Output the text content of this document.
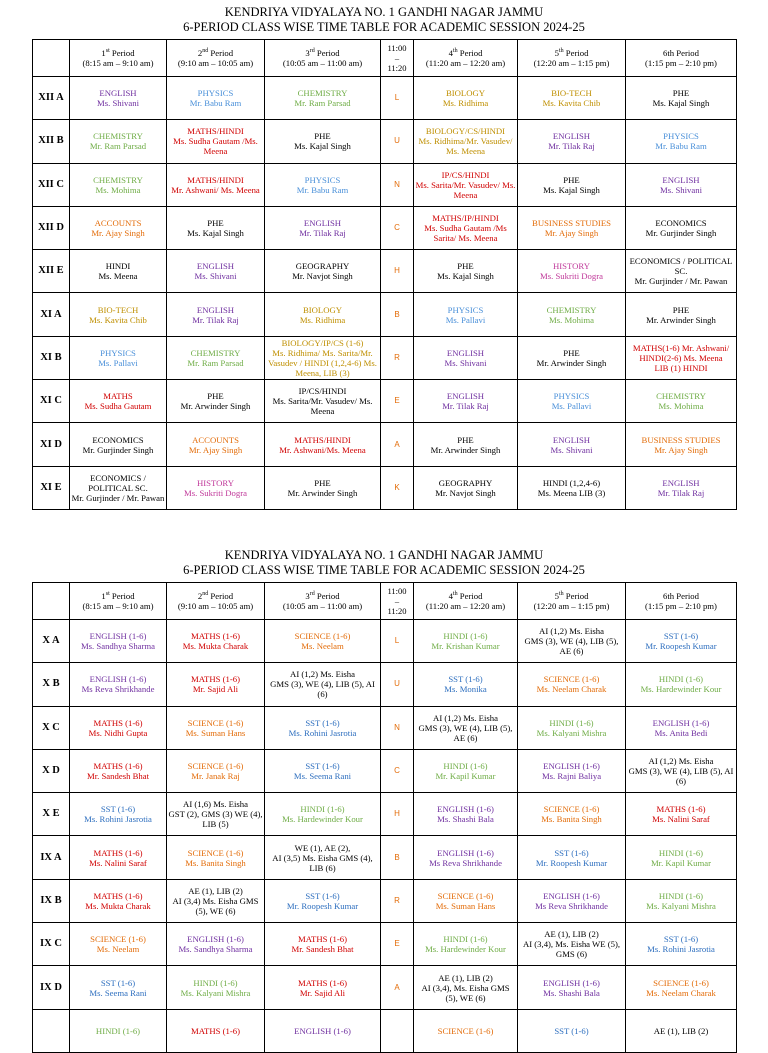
KENDRIYA VIDYALAYA NO. 1 GANDHI NAGAR JAMMU
6-PERIOD CLASS WISE TIME TABLE FOR ACADEMIC SESSION 2024-25

	1st Period
(8:15 am – 9:10 am)	2nd Period
(9:10 am – 10:05 am)	3rd Period
(10:05 am – 11:00 am)	11:00
–
11:20	4th Period
(11:20 am – 12:20 am)	5th Period
(12:20 am – 1:15 pm)	6th Period
(1:15 pm – 2:10 pm)

XII A	ENGLISH
Ms. Shivani	PHYSICS
Mr. Babu Ram	CHEMISTRY
Mr. Ram Parsad	L	BIOLOGY
Ms. Ridhima	BIO-TECH
Ms. Kavita Chib	PHE
Ms. Kajal Singh

XII B	CHEMISTRY
Mr. Ram Parsad	MATHS/HINDI
Ms. Sudha Gautam /Ms. Meena	PHE
Ms. Kajal Singh	U	BIOLOGY/CS/HINDI
Ms. Ridhima/Mr. Vasudev/ Ms. Meena	ENGLISH
Mr. Tilak Raj	PHYSICS
Mr. Babu Ram

XII C	CHEMISTRY
Ms. Mohima	MATHS/HINDI
Mr. Ashwani/ Ms. Meena	PHYSICS
Mr. Babu Ram	N	IP/CS/HINDI
Ms. Sarita/Mr. Vasudev/ Ms. Meena	PHE
Ms. Kajal Singh	ENGLISH
Ms. Shivani

XII D	ACCOUNTS
Mr. Ajay Singh	PHE
Ms. Kajal Singh	ENGLISH
Mr. Tilak Raj	C	MATHS/IP/HINDI
Ms. Sudha Gautam /Ms Sarita/ Ms. Meena	BUSINESS STUDIES
Mr. Ajay Singh	ECONOMICS
Mr. Gurjinder Singh

XII E	HINDI
Ms. Meena	ENGLISH
Ms. Shivani	GEOGRAPHY
Mr. Navjot Singh	H	PHE
Ms. Kajal Singh	HISTORY
Ms. Sukriti Dogra	ECONOMICS / POLITICAL SC.
Mr. Gurjinder / Mr. Pawan

XI A	BIO-TECH
Ms. Kavita Chib	ENGLISH
Mr. Tilak Raj	BIOLOGY
Ms. Ridhima	B	PHYSICS
Ms. Pallavi	CHEMISTRY
Ms. Mohima	PHE
Mr. Arwinder Singh

XI B	PHYSICS
Ms. Pallavi	CHEMISTRY
Mr. Ram Parsad	BIOLOGY/IP/CS (1-6)
Ms. Ridhima/ Ms. Sarita/Mr. Vasudev / HINDI (1,2,4-6) Ms. Meena, LIB (3)	R	ENGLISH
Ms. Shivani	PHE
Mr. Arwinder Singh	MATHS(1-6) Mr. Ashwani/ HINDI(2-6) Ms. Meena
LIB (1) HINDI

XI C	MATHS
Ms. Sudha Gautam	PHE
Mr. Arwinder Singh	IP/CS/HINDI
Ms. Sarita/Mr. Vasudev/ Ms. Meena	E	ENGLISH
Mr. Tilak Raj	PHYSICS
Ms. Pallavi	CHEMISTRY
Ms. Mohima

XI D	ECONOMICS
Mr. Gurjinder Singh	ACCOUNTS
Mr. Ajay Singh	MATHS/HINDI
Mr. Ashwani/Ms. Meena	A	PHE
Mr. Arwinder Singh	ENGLISH
Ms. Shivani	BUSINESS STUDIES
Mr. Ajay Singh

XI E	ECONOMICS / POLITICAL SC.
Mr. Gurjinder / Mr. Pawan	HISTORY
Ms. Sukriti Dogra	PHE
Mr. Arwinder Singh	K	GEOGRAPHY
Mr. Navjot Singh	HINDI (1,2,4-6)
Ms. Meena LIB (3)	ENGLISH
Mr. Tilak Raj
KENDRIYA VIDYALAYA NO. 1 GANDHI NAGAR JAMMU
6-PERIOD CLASS WISE TIME TABLE FOR ACADEMIC SESSION 2024-25

	1st Period
(8:15 am – 9:10 am)	2nd Period
(9:10 am – 10:05 am)	3rd Period
(10:05 am – 11:00 am)	11:00
–
11:20	4th Period
(11:20 am – 12:20 am)	5th Period
(12:20 am – 1:15 pm)	6th Period
(1:15 pm – 2:10 pm)

X A	ENGLISH (1-6)
Ms. Sandhya Sharma	MATHS (1-6)
Ms. Mukta Charak	SCIENCE (1-6)
Ms. Neelam	L	HINDI (1-6)
Mr. Krishan Kumar	AI (1,2) Ms. Eisha
GMS (3), WE (4), LIB (5), AE (6)	SST (1-6)
Mr. Roopesh Kumar

X B	ENGLISH (1-6)
Ms Reva Shrikhande	MATHS (1-6)
Mr. Sajid Ali	AI (1,2) Ms. Eisha
GMS (3), WE (4), LIB (5), AI (6)	U	SST (1-6)
Ms. Monika	SCIENCE (1-6)
Ms. Neelam Charak	HINDI (1-6)
Ms. Hardewinder Kour

X C	MATHS (1-6)
Ms. Nidhi Gupta	SCIENCE (1-6)
Ms. Suman Hans	SST (1-6)
Ms. Rohini Jasrotia	N	AI (1,2) Ms. Eisha
GMS (3), WE (4), LIB (5), AE (6)	HINDI (1-6)
Ms. Kalyani Mishra	ENGLISH (1-6)
Ms. Anita Bedi

X D	MATHS (1-6)
Mr. Sandesh Bhat	SCIENCE (1-6)
Mr. Janak Raj	SST (1-6)
Ms. Seema Rani	C	HINDI (1-6)
Mr. Kapil Kumar	ENGLISH (1-6)
Ms. Rajni Baliya	AI (1,2) Ms. Eisha
GMS (3), WE (4), LIB (5), AI (6)

X E	SST (1-6)
Ms. Rohini Jasrotia	AI (1,6) Ms. Eisha
GST (2), GMS (3) WE (4), LIB (5)	HINDI (1-6)
Ms. Hardewinder Kour	H	ENGLISH (1-6)
Ms. Shashi Bala	SCIENCE (1-6)
Ms. Banita Singh	MATHS (1-6)
Ms. Nalini Saraf

IX A	MATHS (1-6)
Ms. Nalini Saraf	SCIENCE (1-6)
Ms. Banita Singh	WE (1), AE (2),
AI (3,5) Ms. Eisha GMS (4), LIB (6)	B	ENGLISH (1-6)
Ms Reva Shrikhande	SST (1-6)
Mr. Roopesh Kumar	HINDI (1-6)
Mr. Kapil Kumar

IX B	MATHS (1-6)
Ms. Mukta Charak	AE (1), LIB (2)
AI (3,4) Ms. Eisha GMS (5), WE (6)	SST (1-6)
Mr. Roopesh Kumar	R	SCIENCE (1-6)
Ms. Suman Hans	ENGLISH (1-6)
Ms Reva Shrikhande	HINDI (1-6)
Ms. Kalyani Mishra

IX C	SCIENCE (1-6)
Ms. Neelam	ENGLISH (1-6)
Ms. Sandhya Sharma	MATHS (1-6)
Mr. Sandesh Bhat	E	HINDI (1-6)
Ms. Hardewinder Kour	AE (1), LIB (2)
AI (3,4), Ms. Eisha WE (5), GMS (6)	SST (1-6)
Ms. Rohini Jasrotia

IX D	SST (1-6)
Ms. Seema Rani	HINDI (1-6)
Ms. Kalyani Mishra	MATHS (1-6)
Mr. Sajid Ali	A	AE (1), LIB (2)
AI (3,4), Ms. Eisha GMS (5), WE (6)	ENGLISH (1-6)
Ms. Shashi Bala	SCIENCE (1-6)
Ms. Neelam Charak

	HINDI (1-6)	MATHS (1-6)	ENGLISH (1-6)		SCIENCE (1-6)	SST (1-6)	AE (1), LIB (2)
